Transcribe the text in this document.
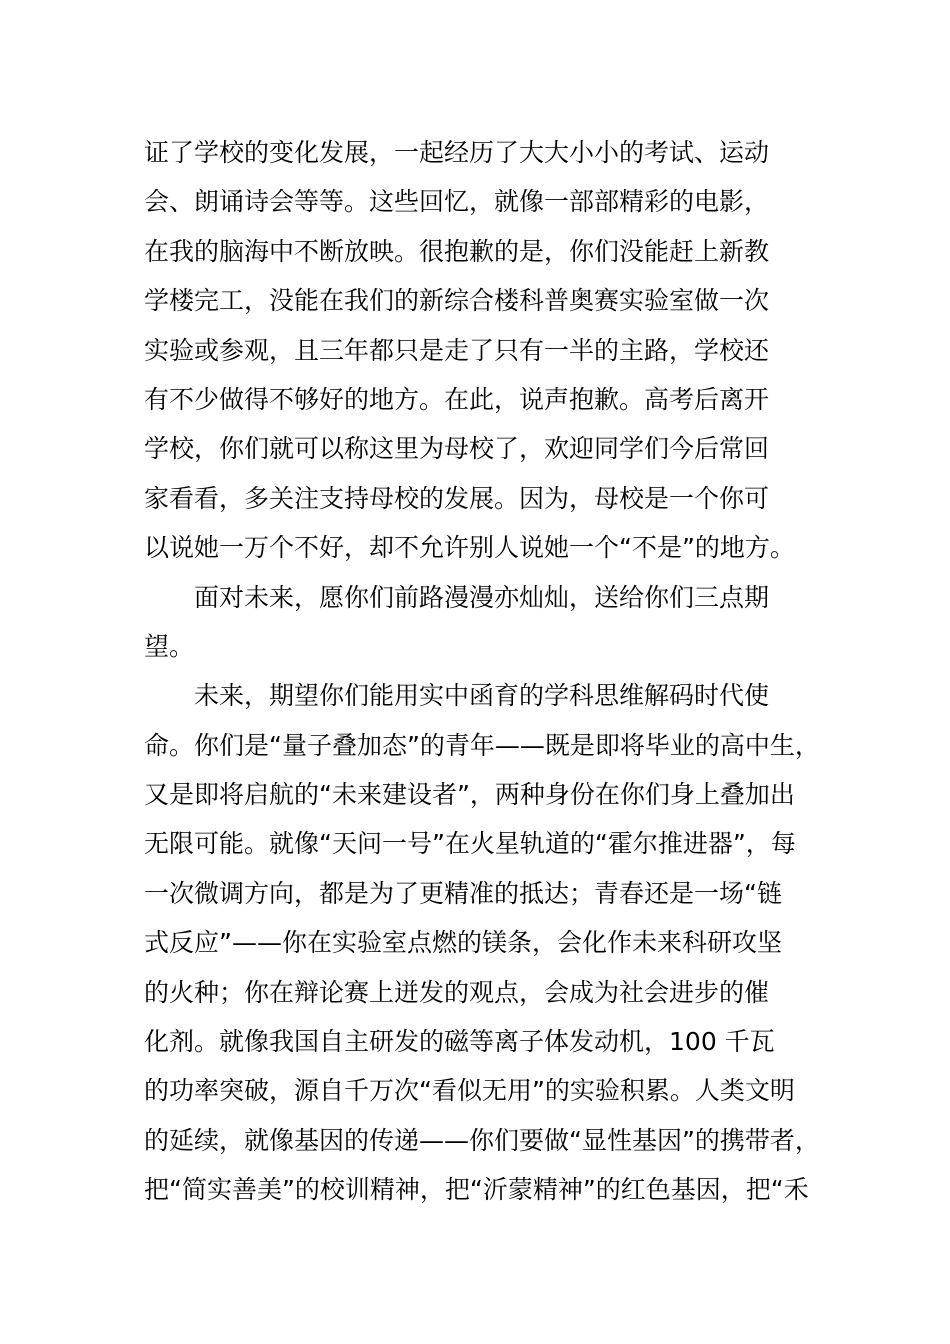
证了学校的变化发展，一起经历了大大小小的考试、运动
会、朗诵诗会等等。这些回忆，就像一部部精彩的电影，
在我的脑海中不断放映。很抱歉的是，你们没能赶上新教
学楼完工，没能在我们的新综合楼科普奥赛实验室做一次
实验或参观，且三年都只是走了只有一半的主路，学校还
有不少做得不够好的地方。在此，说声抱歉。高考后离开
学校，你们就可以称这里为母校了，欢迎同学们今后常回
家看看，多关注支持母校的发展。因为，母校是一个你可
以说她一万个不好，却不允许别人说她一个“不是”的地方。
面对未来，愿你们前路漫漫亦灿灿，送给你们三点期
望。
未来，期望你们能用实中函育的学科思维解码时代使
命。你们是“量子叠加态”的青年——既是即将毕业的高中生，
又是即将启航的“未来建设者”，两种身份在你们身上叠加出
无限可能。就像“天问一号”在火星轨道的“霍尔推进器”，每
一次微调方向，都是为了更精准的抵达；青春还是一场“链
式反应”——你在实验室点燃的镁条，会化作未来科研攻坚
的火种；你在辩论赛上迸发的观点，会成为社会进步的催
化剂。就像我国自主研发的磁等离子体发动机，100 千瓦
的功率突破，源自千万次“看似无用”的实验积累。人类文明
的延续，就像基因的传递——你们要做“显性基因”的携带者，
把“简实善美”的校训精神，把“沂蒙精神”的红色基因，把“禾
